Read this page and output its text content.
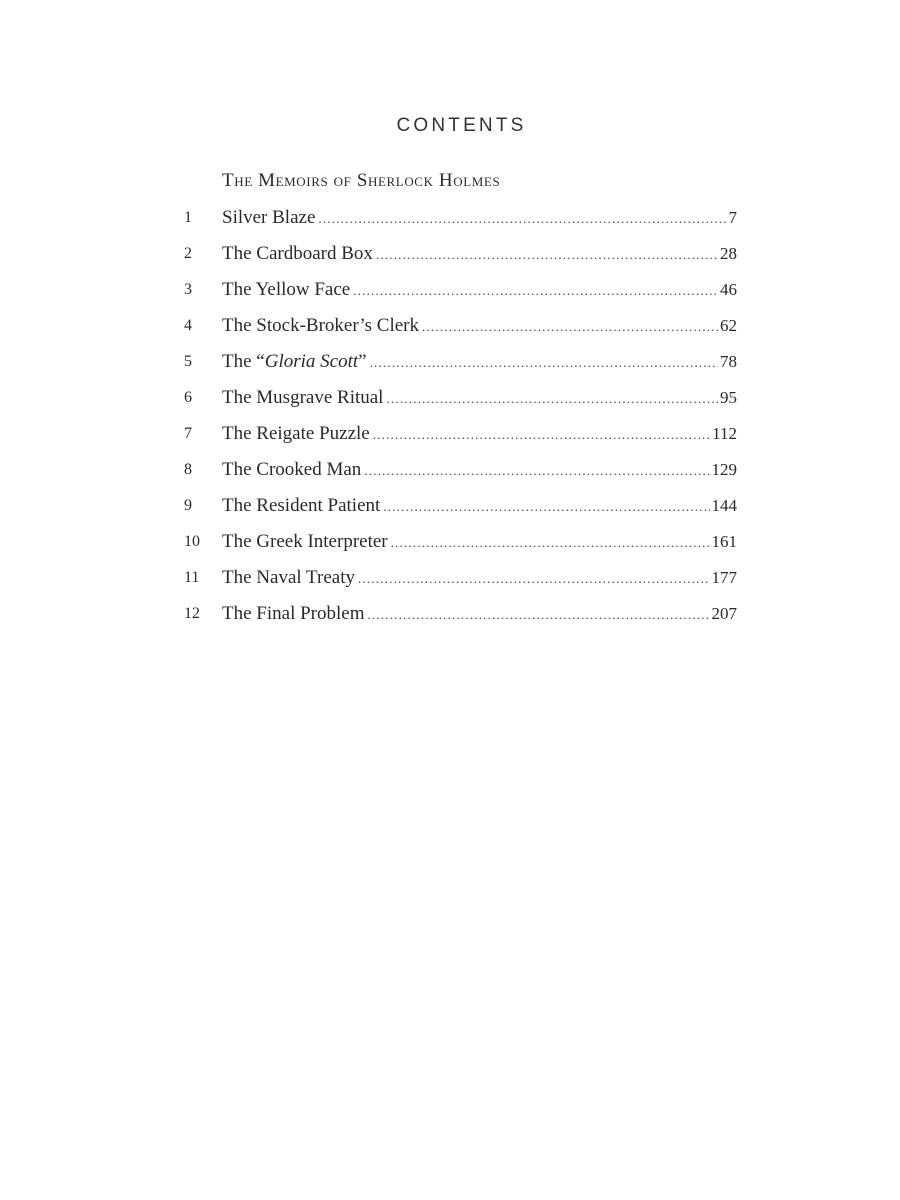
CONTENTS
The Memoirs of Sherlock Holmes
1	Silver Blaze .....	7
2	The Cardboard Box .....	28
3	The Yellow Face .....	46
4	The Stock-Broker’s Clerk .....	62
5	The “Gloria Scott” .....	78
6	The Musgrave Ritual .....	95
7	The Reigate Puzzle .....	112
8	The Crooked Man .....	129
9	The Resident Patient .....	144
10	The Greek Interpreter .....	161
11	The Naval Treaty .....	177
12	The Final Problem .....	207
